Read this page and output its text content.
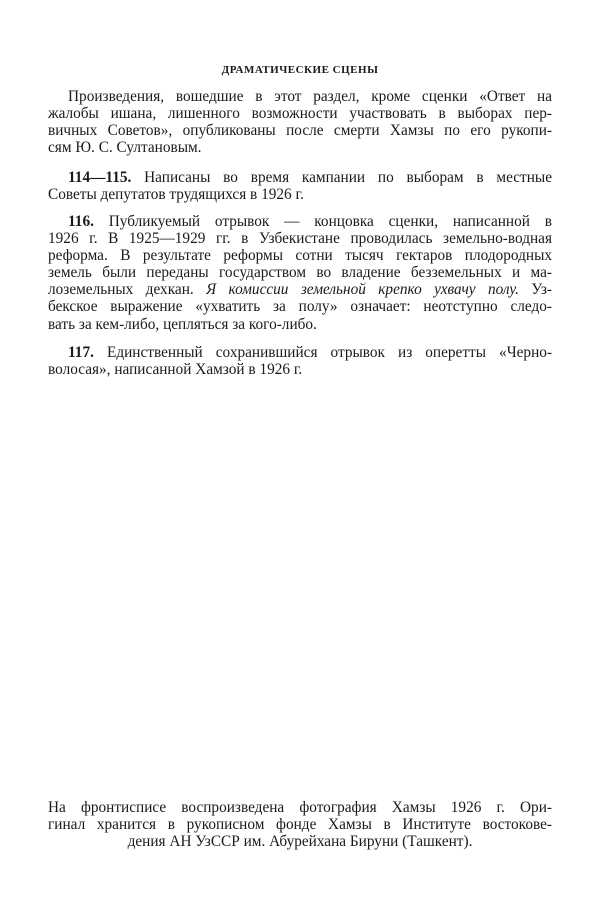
ДРАМАТИЧЕСКИЕ СЦЕНЫ
Произведения, вошедшие в этот раздел, кроме сценки «Ответ на
жалобы ишана, лишенного возможности участвовать в выборах пер-
вичных Советов», опубликованы после смерти Хамзы по его рукопи-
сям Ю. С. Султановым.
114—115. Написаны во время кампании по выборам в местные
Советы депутатов трудящихся в 1926 г.
116. Публикуемый отрывок — концовка сценки, написанной в
1926 г. В 1925—1929 гг. в Узбекистане проводилась земельно-водная
реформа. В результате реформы сотни тысяч гектаров плодородных
земель были переданы государством во владение безземельных и ма-
лоземельных дехкан. Я комиссии земельной крепко ухвачу полу. Уз-
бекское выражение «ухватить за полу» означает: неотступно следо-
вать за кем-либо, цепляться за кого-либо.
117. Единственный сохранившийся отрывок из оперетты «Черно-
волосая», написанной Хамзой в 1926 г.
На фронтисписе воспроизведена фотография Хамзы 1926 г. Ори-
гинал хранится в рукописном фонде Хамзы в Институте востокове-
дения АН УзССР им. Абурейхана Бируни (Ташкент).
